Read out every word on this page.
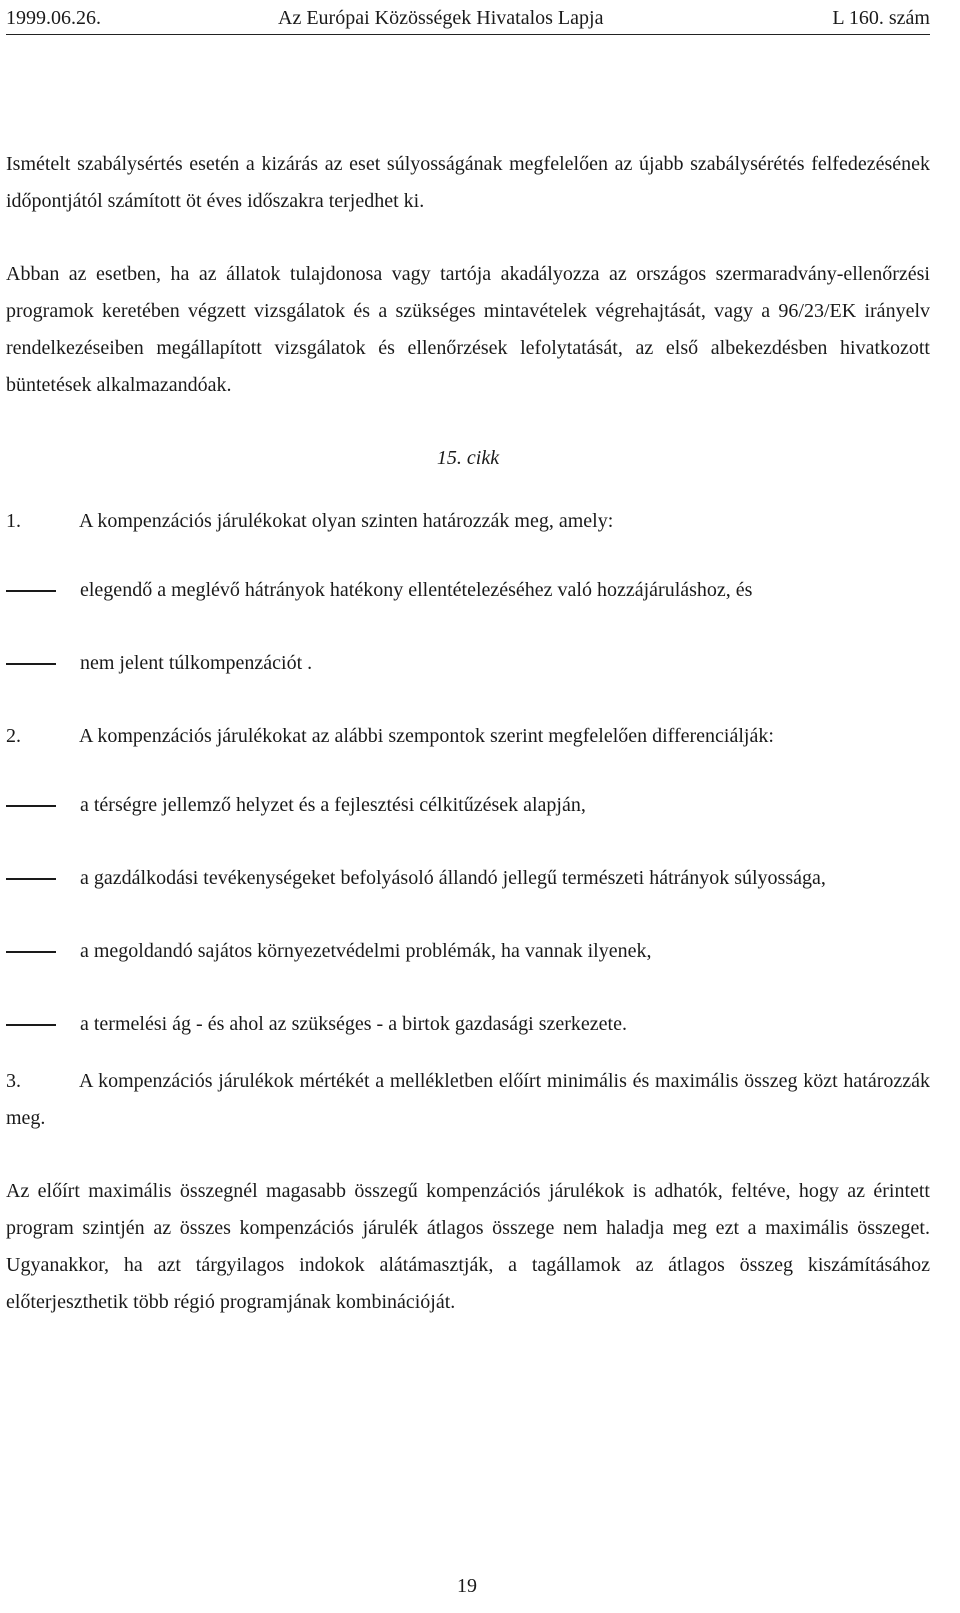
1999.06.26.	Az Európai Közösségek Hivatalos Lapja	L 160. szám

Ismételt szabálysértés esetén a kizárás az eset súlyosságának megfelelően az újabb szabálysérétés felfedezésének időpontjától számított öt éves időszakra terjedhet ki.

Abban az esetben, ha az állatok tulajdonosa vagy tartója akadályozza az országos szermaradvány-ellenőrzési programok keretében végzett vizsgálatok és a szükséges mintavételek végrehajtását, vagy a 96/23/EK irányelv rendelkezéseiben megállapított vizsgálatok és ellenőrzések lefolytatását, az első albekezdésben hivatkozott büntetések alkalmazandóak.

15. cikk

1.	A kompenzációs járulékokat olyan szinten határozzák meg, amely:
elegendő a meglévő hátrányok hatékony ellentételezéséhez való hozzájáruláshoz, és
nem jelent túlkompenzációt .
2.	A kompenzációs járulékokat az alábbi szempontok szerint megfelelően differenciálják:
a térségre jellemző helyzet és a fejlesztési célkitűzések alapján,
a gazdálkodási tevékenységeket befolyásoló állandó jellegű természeti hátrányok súlyossága,
a megoldandó sajátos környezetvédelmi problémák, ha vannak ilyenek,
a termelési ág - és ahol az szükséges - a birtok gazdasági szerkezete.
3.	A kompenzációs járulékok mértékét a mellékletben előírt minimális és maximális összeg közt határozzák meg.

Az előírt maximális összegnél magasabb összegű kompenzációs járulékok is adhatók, feltéve, hogy az érintett program szintjén az összes kompenzációs járulék átlagos összege nem haladja meg ezt a maximális összeget. Ugyanakkor, ha azt tárgyilagos indokok alátámasztják, a tagállamok az átlagos összeg kiszámításához előterjeszthetik több régió programjának kombinációját.

19
